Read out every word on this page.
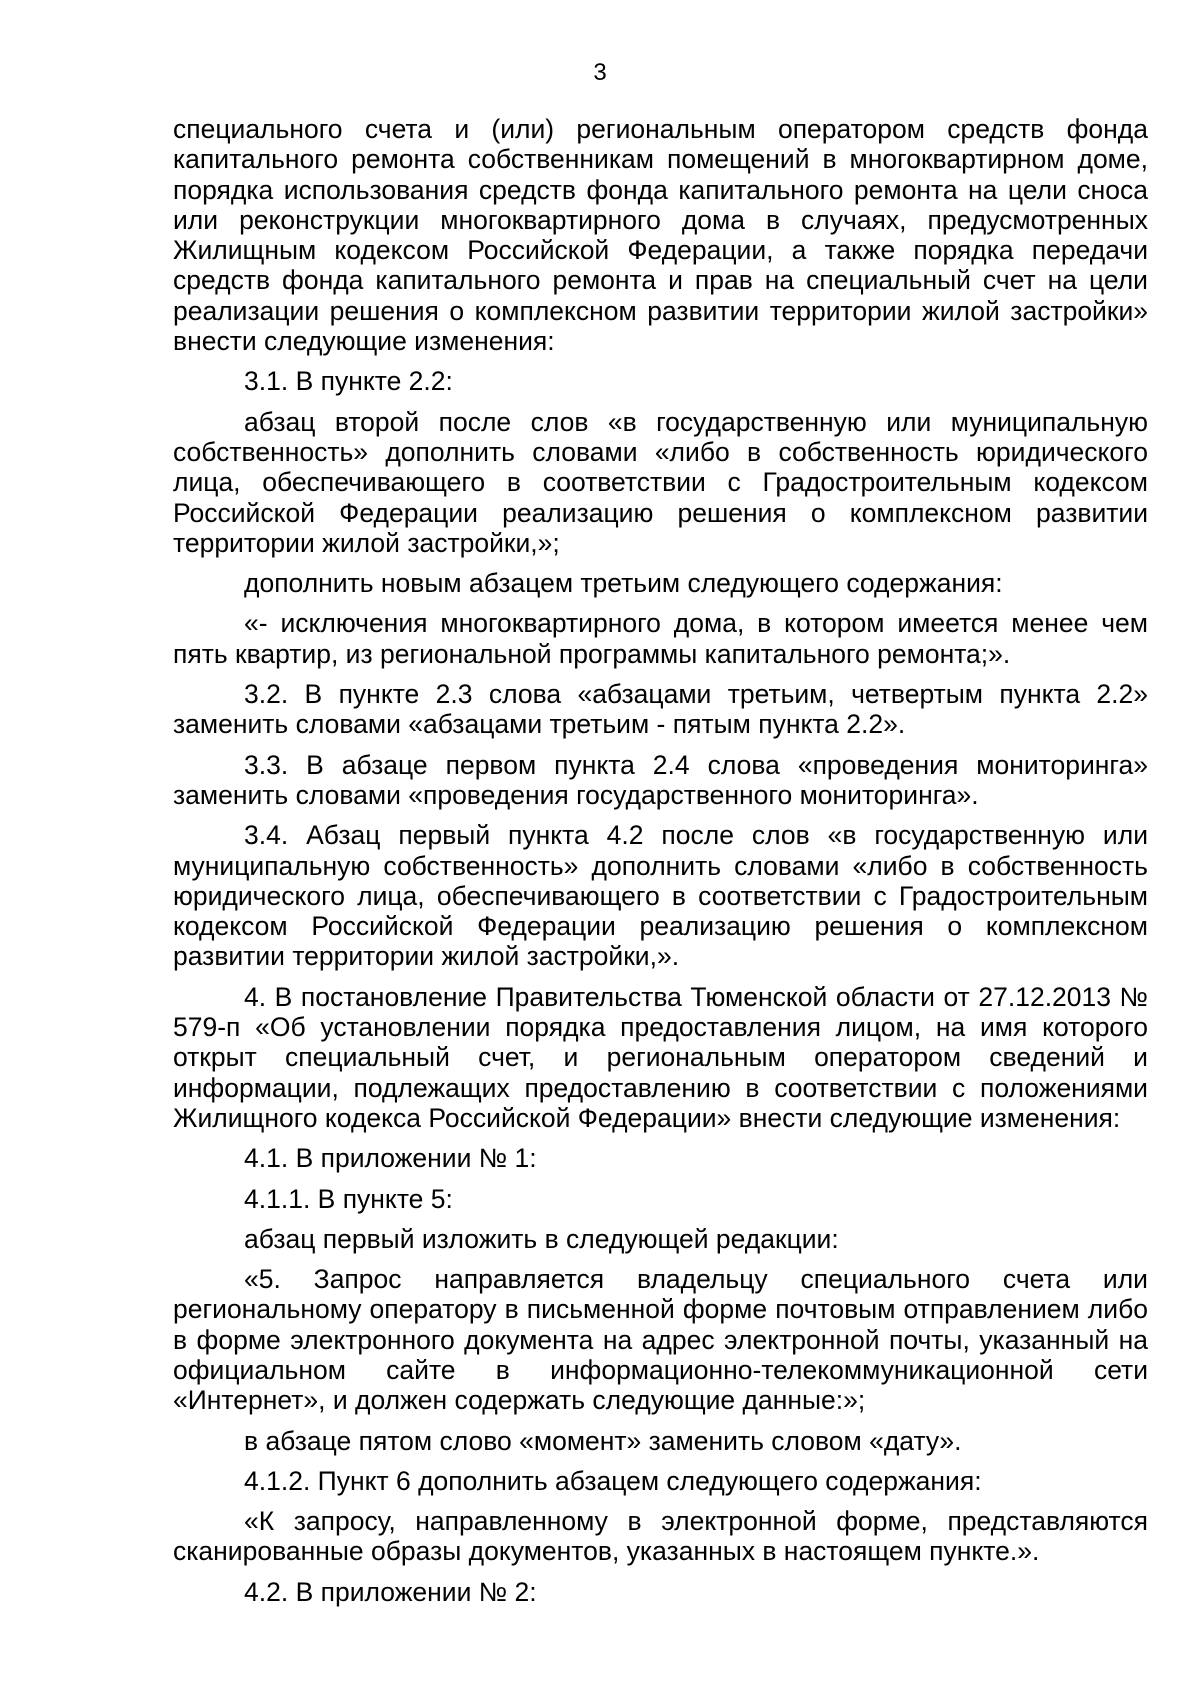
3

специального счета и (или) региональным оператором средств фонда капитального ремонта собственникам помещений в многоквартирном доме, порядка использования средств фонда капитального ремонта на цели сноса или реконструкции многоквартирного дома в случаях, предусмотренных Жилищным кодексом Российской Федерации, а также порядка передачи средств фонда капитального ремонта и прав на специальный счет на цели реализации решения о комплексном развитии территории жилой застройки» внести следующие изменения:

3.1. В пункте 2.2:

абзац второй после слов «в государственную или муниципальную собственность» дополнить словами «либо в собственность юридического лица, обеспечивающего в соответствии с Градостроительным кодексом Российской Федерации реализацию решения о комплексном развитии территории жилой застройки,»;

дополнить новым абзацем третьим следующего содержания:

«- исключения многоквартирного дома, в котором имеется менее чем пять квартир, из региональной программы капитального ремонта;».

3.2. В пункте 2.3 слова «абзацами третьим, четвертым пункта 2.2» заменить словами «абзацами третьим - пятым пункта 2.2».

3.3. В абзаце первом пункта 2.4 слова «проведения мониторинга» заменить словами «проведения государственного мониторинга».

3.4. Абзац первый пункта 4.2 после слов «в государственную или муниципальную собственность» дополнить словами «либо в собственность юридического лица, обеспечивающего в соответствии с Градостроительным кодексом Российской Федерации реализацию решения о комплексном развитии территории жилой застройки,».

4. В постановление Правительства Тюменской области от 27.12.2013 № 579-п «Об установлении порядка предоставления лицом, на имя которого открыт специальный счет, и региональным оператором сведений и информации, подлежащих предоставлению в соответствии с положениями Жилищного кодекса Российской Федерации» внести следующие изменения:

4.1. В приложении № 1:

4.1.1. В пункте 5:

абзац первый изложить в следующей редакции:

«5. Запрос направляется владельцу специального счета или региональному оператору в письменной форме почтовым отправлением либо в форме электронного документа на адрес электронной почты, указанный на официальном сайте в информационно-телекоммуникационной сети «Интернет», и должен содержать следующие данные:»;

в абзаце пятом слово «момент» заменить словом «дату».

4.1.2. Пункт 6 дополнить абзацем следующего содержания:

«К запросу, направленному в электронной форме, представляются сканированные образы документов, указанных в настоящем пункте.».

4.2. В приложении № 2:
